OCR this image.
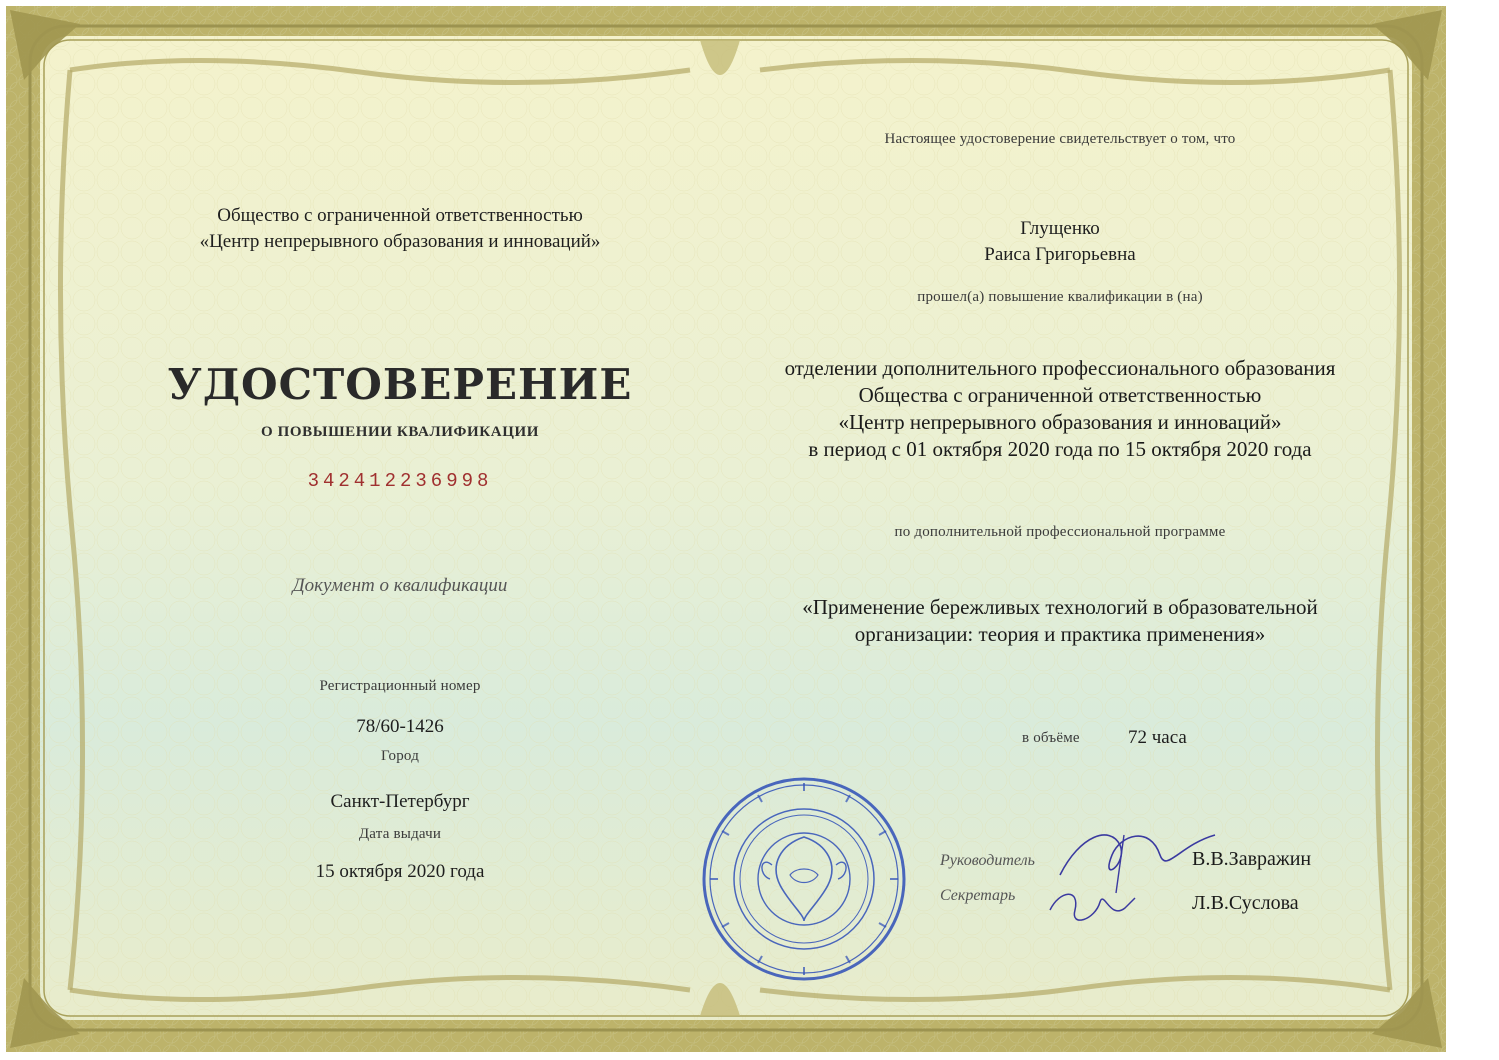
Общество с ограниченной ответственностью
«Центр непрерывного образования и инноваций»
УДОСТОВЕРЕНИЕ
О ПОВЫШЕНИИ КВАЛИФИКАЦИИ
342412236998
Документ о квалификации
Регистрационный номер
78/60-1426
Город
Санкт-Петербург
Дата выдачи
15 октября 2020 года
Настоящее удостоверение свидетельствует о том, что
Глущенко
Раиса Григорьевна
прошел(а) повышение квалификации в (на)
отделении дополнительного профессионального образования
Общества с ограниченной ответственностью
«Центр непрерывного образования и инноваций»
в период с 01 октября 2020 года по 15 октября 2020 года
по дополнительной профессиональной программе
«Применение бережливых технологий в образовательной
организации: теория и практика применения»
в объёме	72 часа
Руководитель	В.В.Завражин
Секретарь	Л.В.Суслова
